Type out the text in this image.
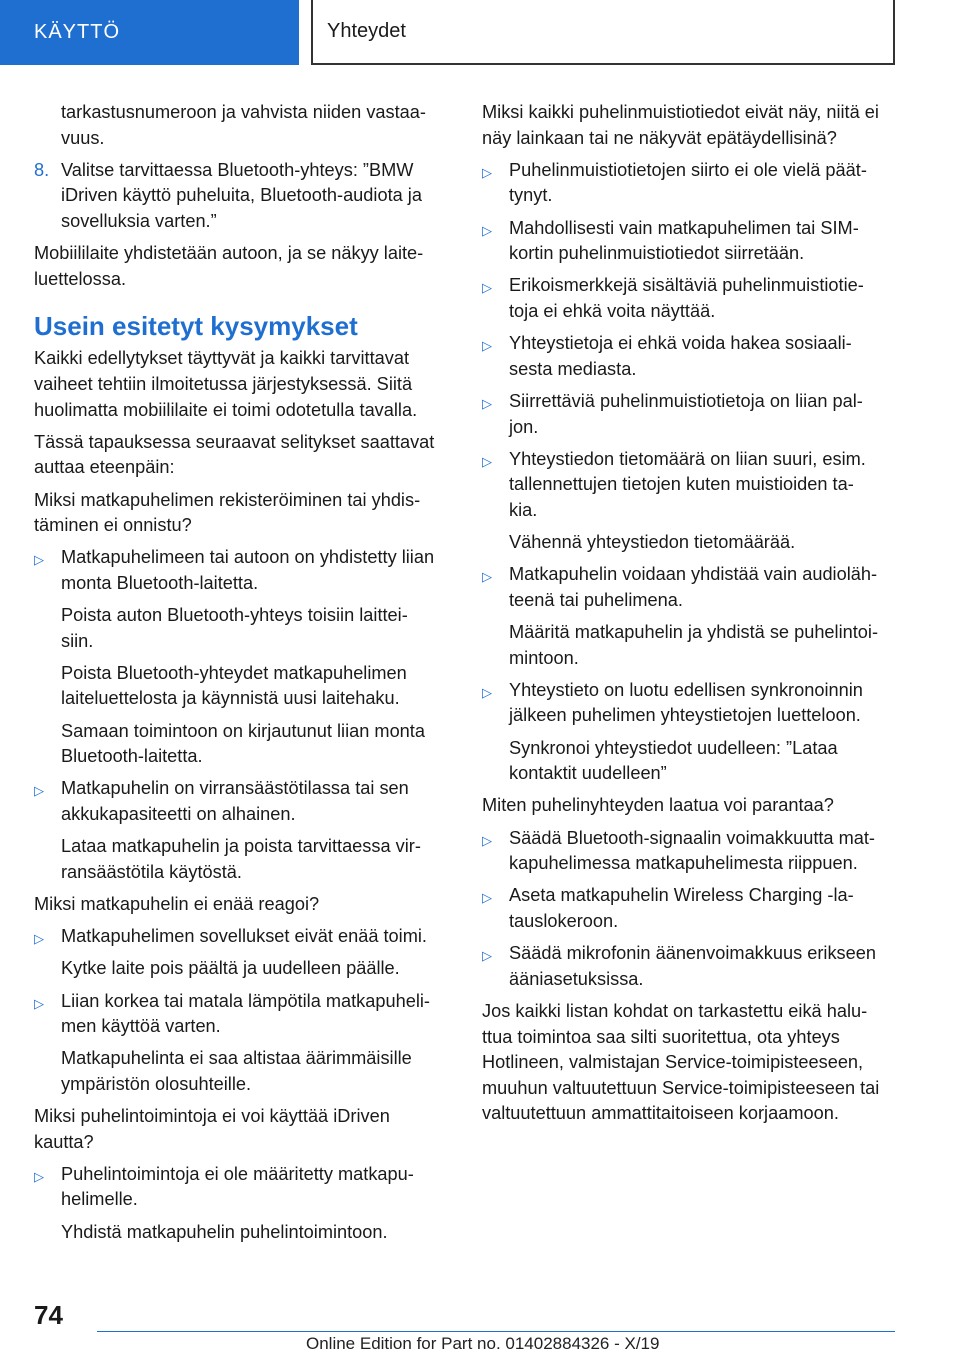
KÄYTTÖ	Yhteydet
tarkastusnumeroon ja vahvista niiden vastaa-
vuus.
8. Valitse tarvittaessa Bluetooth-yhteys: ”BMW iDriven käyttö puheluita, Bluetooth-audiota ja sovelluksia varten.”
Mobiililaite yhdistetään autoon, ja se näkyy laite-
luettelossa.
Usein esitetyt kysymykset
Kaikki edellytykset täyttyvät ja kaikki tarvittavat vaiheet tehtiin ilmoitetussa järjestyksessä. Siitä huolimatta mobiililaite ei toimi odotetulla tavalla.
Tässä tapauksessa seuraavat selitykset saattavat auttaa eteenpäin:
Miksi matkapuhelimen rekisteröiminen tai yhdis-
täminen ei onnistu?
▷ Matkapuhelimeen tai autoon on yhdistetty liian monta Bluetooth-laitetta.
Poista auton Bluetooth-yhteys toisiin laittei-
siin.
Poista Bluetooth-yhteydet matkapuhelimen laiteluettelosta ja käynnistä uusi laitehaku.
Samaan toimintoon on kirjautunut liian monta Bluetooth-laitetta.
▷ Matkapuhelin on virransäästötilassa tai sen akkukapasiteetti on alhainen.
Lataa matkapuhelin ja poista tarvittaessa vir-
ransäästötila käytöstä.
Miksi matkapuhelin ei enää reagoi?
▷ Matkapuhelimen sovellukset eivät enää toimi.
Kytke laite pois päältä ja uudelleen päälle.
▷ Liian korkea tai matala lämpötila matkapuheli-
men käyttöä varten.
Matkapuhelinta ei saa altistaa äärimmäisille ympäristön olosuhteille.
Miksi puhelintoimintoja ei voi käyttää iDriven kautta?
▷ Puhelintoimintoja ei ole määritetty matkapu-
helimelle.
Yhdistä matkapuhelin puhelintoimintoon.
Miksi kaikki puhelinmuistiotiedot eivät näy, niitä ei näy lainkaan tai ne näkyvät epätäydellisinä?
▷ Puhelinmuistiotietojen siirto ei ole vielä päät-
tynyt.
▷ Mahdollisesti vain matkapuhelimen tai SIM-
kortin puhelinmuistiotiedot siirretään.
▷ Erikoismerkkejä sisältäviä puhelinmuistiotie-
toja ei ehkä voita näyttää.
▷ Yhteystietoja ei ehkä voida hakea sosiaali-
sesta mediasta.
▷ Siirrettäviä puhelinmuistiotietoja on liian pal-
jon.
▷ Yhteystiedon tietomäärä on liian suuri, esim. tallennettujen tietojen kuten muistioiden ta-
kia.
Vähennä yhteystiedon tietomäärää.
▷ Matkapuhelin voidaan yhdistää vain audioläh-
teenä tai puhelimena.
Määritä matkapuhelin ja yhdistä se puhelintoi-
mintoon.
▷ Yhteystieto on luotu edellisen synkronoinnin jälkeen puhelimen yhteystietojen luetteloon.
Synkronoi yhteystiedot uudelleen: ”Lataa kontaktit uudelleen”
Miten puhelinyhteyden laatua voi parantaa?
▷ Säädä Bluetooth-signaalin voimakkuutta mat-
kapuhelimessa matkapuhelimesta riippuen.
▷ Aseta matkapuhelin Wireless Charging -la-
tauslokeroon.
▷ Säädä mikrofonin äänenvoimakkuus erikseen ääniasetuksissa.
Jos kaikki listan kohdat on tarkastettu eikä halu-
ttua toimintoa saa silti suoritettua, ota yhteys Hotlineen, valmistajan Service-toimipisteeseen, muuhun valtuutettuun Service-toimipisteeseen tai valtuutettuun ammattitaitoiseen korjaamoon.
74
Online Edition for Part no. 01402884326 - X/19
